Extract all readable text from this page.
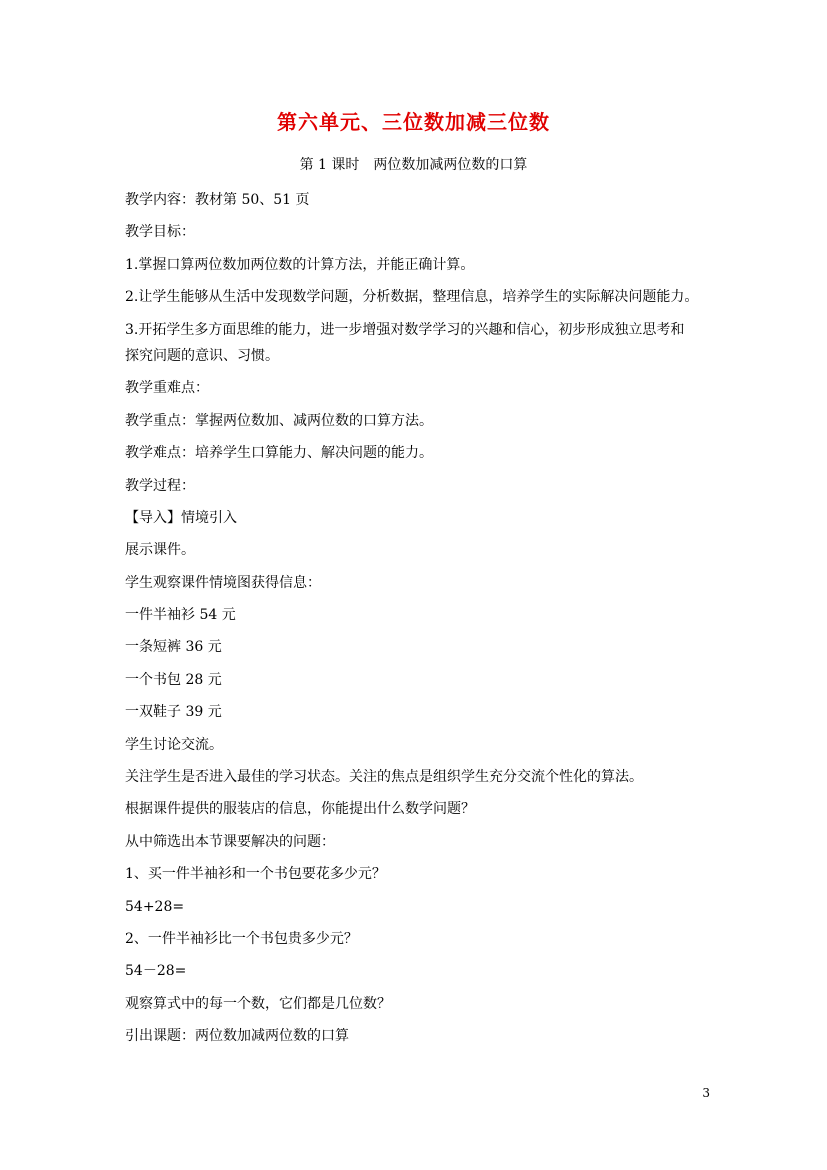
第六单元、三位数加减三位数
第 1 课时　两位数加减两位数的口算
教学内容：教材第 50、51 页
教学目标：
1.掌握口算两位数加两位数的计算方法，并能正确计算。
2.让学生能够从生活中发现数学问题，分析数据，整理信息，培养学生的实际解决问题能力。
3.开拓学生多方面思维的能力，进一步增强对数学学习的兴趣和信心，初步形成独立思考和
探究问题的意识、习惯。
教学重难点：
教学重点：掌握两位数加、减两位数的口算方法。
教学难点：培养学生口算能力、解决问题的能力。
教学过程：
【导入】情境引入
展示课件。
学生观察课件情境图获得信息：
一件半袖衫 54 元
一条短裤 36 元
一个书包 28 元
一双鞋子 39 元
学生讨论交流。
关注学生是否进入最佳的学习状态。关注的焦点是组织学生充分交流个性化的算法。
根据课件提供的服装店的信息，你能提出什么数学问题？
从中筛选出本节课要解决的问题：
1、买一件半袖衫和一个书包要花多少元？
54+28=
2、一件半袖衫比一个书包贵多少元？
54－28=
观察算式中的每一个数，它们都是几位数？
引出课题：两位数加减两位数的口算
3
